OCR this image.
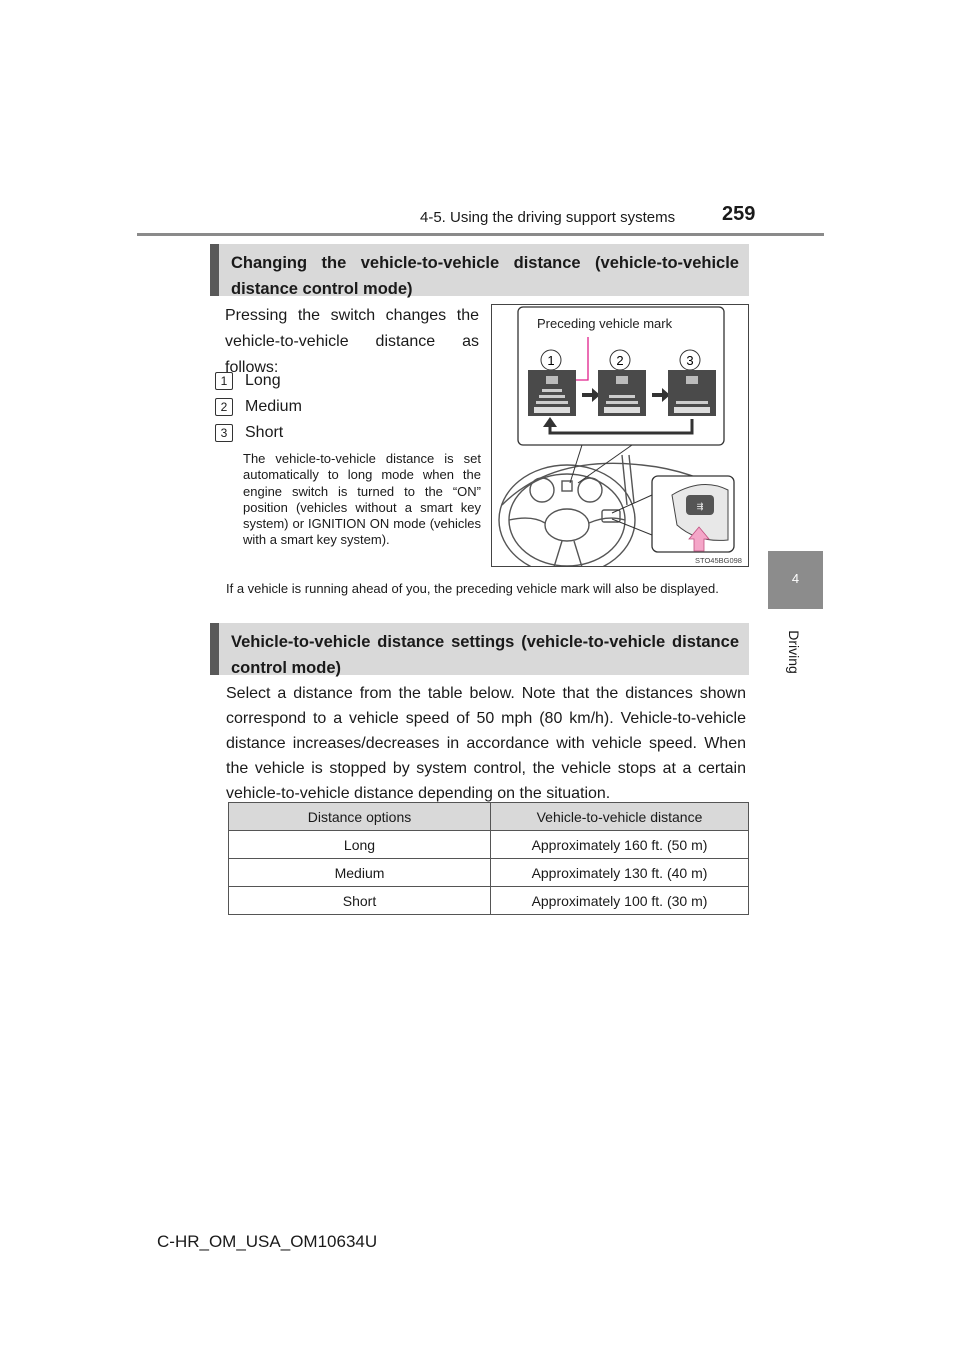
4-5. Using the driving support systems 259
4
Driving
Changing the vehicle-to-vehicle distance (vehicle-to-vehicle distance control mode)
Pressing the switch changes the vehicle-to-vehicle distance as follows:
1 Long
2 Medium
3 Short
The vehicle-to-vehicle distance is set automatically to long mode when the engine switch is turned to the “ON” position (vehicles without a smart key system) or IGNITION ON mode (vehicles with a smart key system).
Preceding vehicle mark
1	2	3
⇶
STO45BG098
If a vehicle is running ahead of you, the preceding vehicle mark will also be displayed.
Vehicle-to-vehicle distance settings (vehicle-to-vehicle distance control mode)
Select a distance from the table below. Note that the distances shown correspond to a vehicle speed of 50 mph (80 km/h). Vehicle-to-vehicle distance increases/decreases in accordance with vehicle speed. When the vehicle is stopped by system control, the vehicle stops at a certain vehicle-to-vehicle distance depending on the situation.
Distance options	Vehicle-to-vehicle distance
Long	Approximately 160 ft. (50 m)
Medium	Approximately 130 ft. (40 m)
Short	Approximately 100 ft. (30 m)
C-HR_OM_USA_OM10634U
